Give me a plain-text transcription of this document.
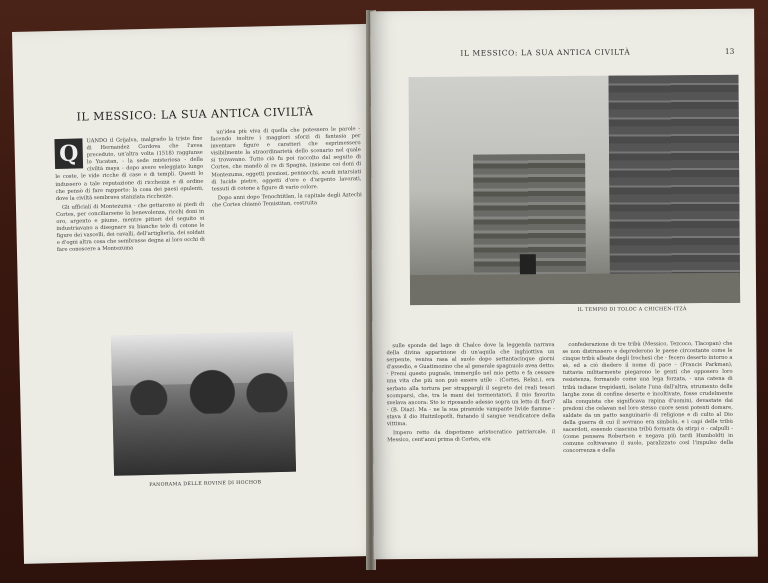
IL MESSICO: LA SUA ANTICA CIVILTÀ

Q
UANDO il Grijalva, malgrado la triste fine di Hernandez Cordova che l'avea preceduto, un'altra volta (1518) raggiunse lo Yucatan, - la sede misteriosa - della civiltà maya - dopo avere veleggiato lungo le coste, le vide ricche di case e di templi. Questi lo indussero a tale reputazione di ricchezza e di ordine che pensò di fare rapporto: la cosa dei paesi opulenti, dove la civiltà sembrava stanziata ricchezze.

Gli ufficiali di Montezuma - che gettarono ai piedi di Cortes, per conciliarsene la benevolenza, ricchi doni in oro, argento e piume, mentre pittori del seguito si industriavano a disegnare su bianche tele di cotone le figure dei vascelli, dei cavalli, dell'artiglieria, dei soldati e d'ogni altra cosa che sembrasse degna ai loro occhi di fare conoscere a Montezuma

un'idea più viva di quella che potessero le parole - facendo inoltre i maggiori sforzi di fantasia per inventare figure e caratteri che esprimessero visibilmente la straordinarietà dello scenario nel quale si trovavano. Tutto ciò fu poi raccolto dal seguito di Cortes, che mandò al re di Spagna, insieme coi doni di Montezuma, oggetti preziosi, pennacchi, scudi intarsiati di lucide pietre, oggetti d'oro e d'argento lavorati, tessuti di cotone a figure di vario colore.

Dopo anni dopo Tenochtitlan, la capitale degli Aztechi che Cortes chiamò Temistitan, costruita

PANORAMA DELLE ROVINE DI HOCHOB
IL MESSICO: LA SUA ANTICA CIVILTÀ	13
IL TEMPIO DI TOLOC A CHICHEN-ITZÀ

sulle sponde del lago di Chalco dove la leggenda narrava della divina apparizione di un'aquila che inghiottiva un serpente, veniva rasa al suolo dopo settantacinque giorni d'assedio, e Guatimozino che al generale spagnuolo avea detto: - Premi questo pugnale, immergilo nel mio petto e fa cessare una vita che più non può essere utile - (Cortes, Relaz.), era serbato alla tortura per strappargli il segreto dei reali tesori scomparsi, che, tra le mani dei tormentatori, il mio favorito svelava ancora: Sto io riposando adesso sopra un letto di fiori? - (B. Diaz). Ma - ne la sua piramide vampante livide fiamme - stava il dio Huitzilopotli, fiutando il sangue vendicatore della vittima.

Impero retto da dispotismo aristocratico patriarcale, il Messico, cent'anni prima di Cortes, era

confederazione di tre tribù (Messico, Tezcoco, Tlacopan) che se non distrussero e deprederono le paese circostante come le cinque tribù alleate degli Irochesi che - fecero deserto intorno a sè, ed a ciò diedero il nome di pace - (Francis Parkman), tuttavia militarmente piegarono le genti che opposero loro resistenza, formando come una lega forzata, - una catena di tribù indiane trepidanti, isolate l'una dall'altra, strumento delle larghe zone di confine deserte e incoltivate, fosse crudelmente alla conquista che significava rapina d'uomini, devastate dai predoni che celavan nel loro stesso cuore sensi potenti domare, saldate da un patto sanguinario di religione e di culto al Dio della guerra di cui il sovrano era simbolo, e i capi delle tribù sacerdoti, essendo ciascuna tribù formata da stirpi o - calpulli - (come pensava Robertson e negava più tardi Humboldt) in comune coltivavano il suolo, paralizzato così l'impulso della concorrenza e della
